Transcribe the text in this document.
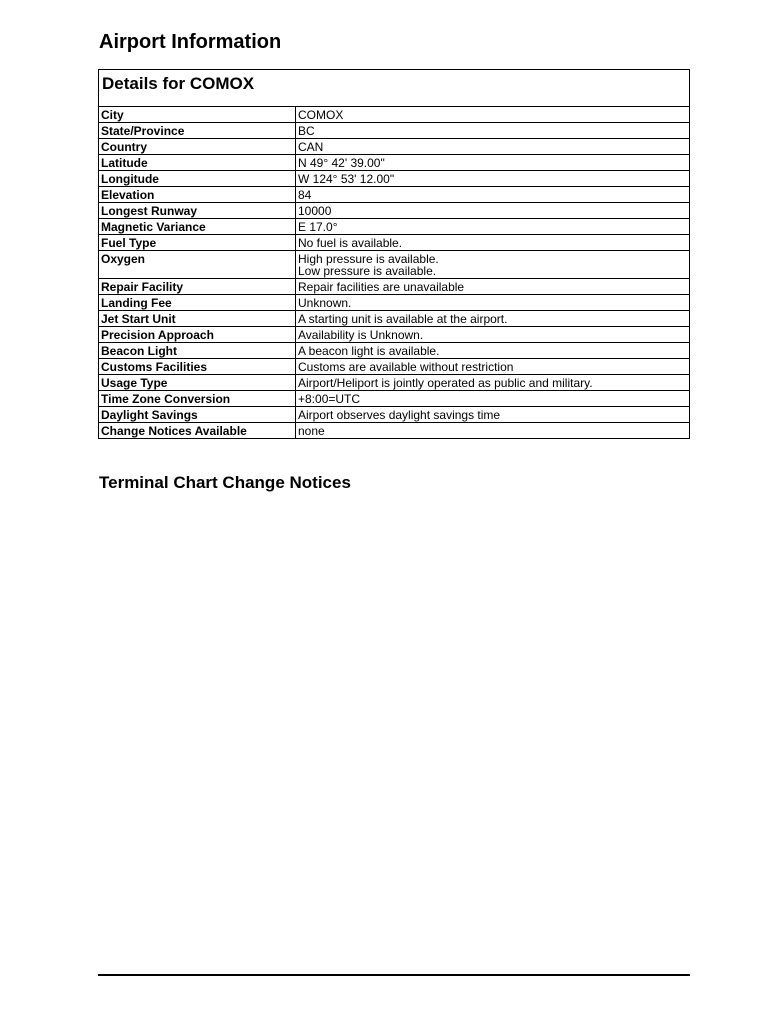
Airport Information
Details for COMOX
City	COMOX

State/Province	BC

Country	CAN

Latitude	N 49° 42' 39.00"

Longitude	W 124° 53' 12.00"

Elevation	84

Longest Runway	10000

Magnetic Variance	E 17.0°

Fuel Type	No fuel is available.

Oxygen	High pressure is available.
Low pressure is available.

Repair Facility	Repair facilities are unavailable

Landing Fee	Unknown.

Jet Start Unit	A starting unit is available at the airport.

Precision Approach	Availability is Unknown.

Beacon Light	A beacon light is available.

Customs Facilities	Customs are available without restriction

Usage Type	Airport/Heliport is jointly operated as public and military.

Time Zone Conversion	+8:00=UTC

Daylight Savings	Airport observes daylight savings time

Change Notices Available	none
Terminal Chart Change Notices
